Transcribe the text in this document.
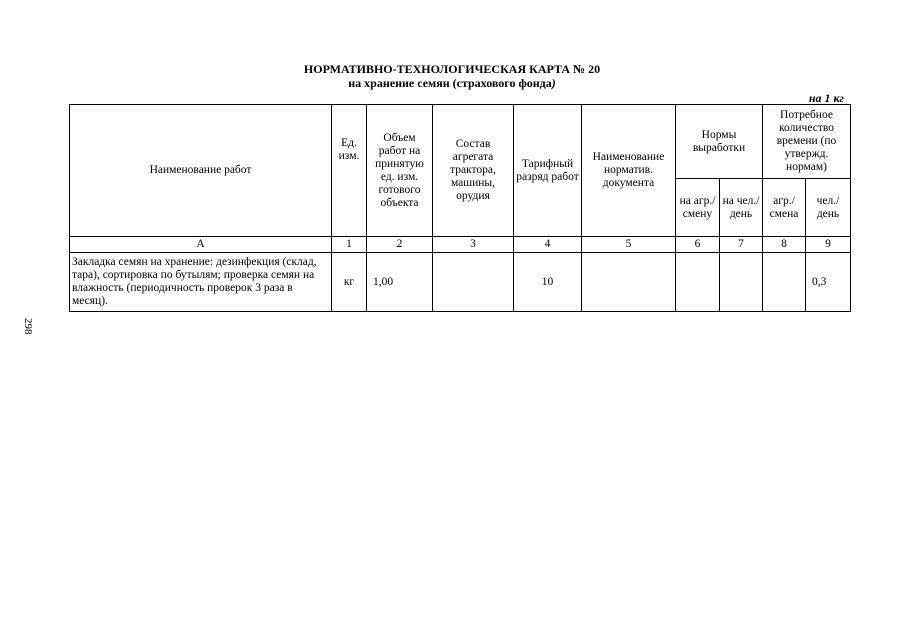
НОРМАТИВНО-ТЕХНОЛОГИЧЕСКАЯ КАРТА № 20
на хранение семян (страхового фонда)
на 1 кг
298
Наименование работ	Ед. изм.	Объем работ на принятую ед. изм. готового объекта	Состав агрегата трактора, машины, орудия	Тарифный разряд работ	Наименование норматив. документа	Нормы выработки		Потребное количество времени (по утвержд. нормам)	
						на агр./ смену	на чел./ день	агр./ смена	чел./ день
А	1	2	3	4	5	6	7	8	9
Закладка семян на хранение: дезинфекция (склад, тара), сортировка по бутылям; проверка семян на влажность (периодичность проверок 3 раза в месяц).	кг	1,00		10					0,3
